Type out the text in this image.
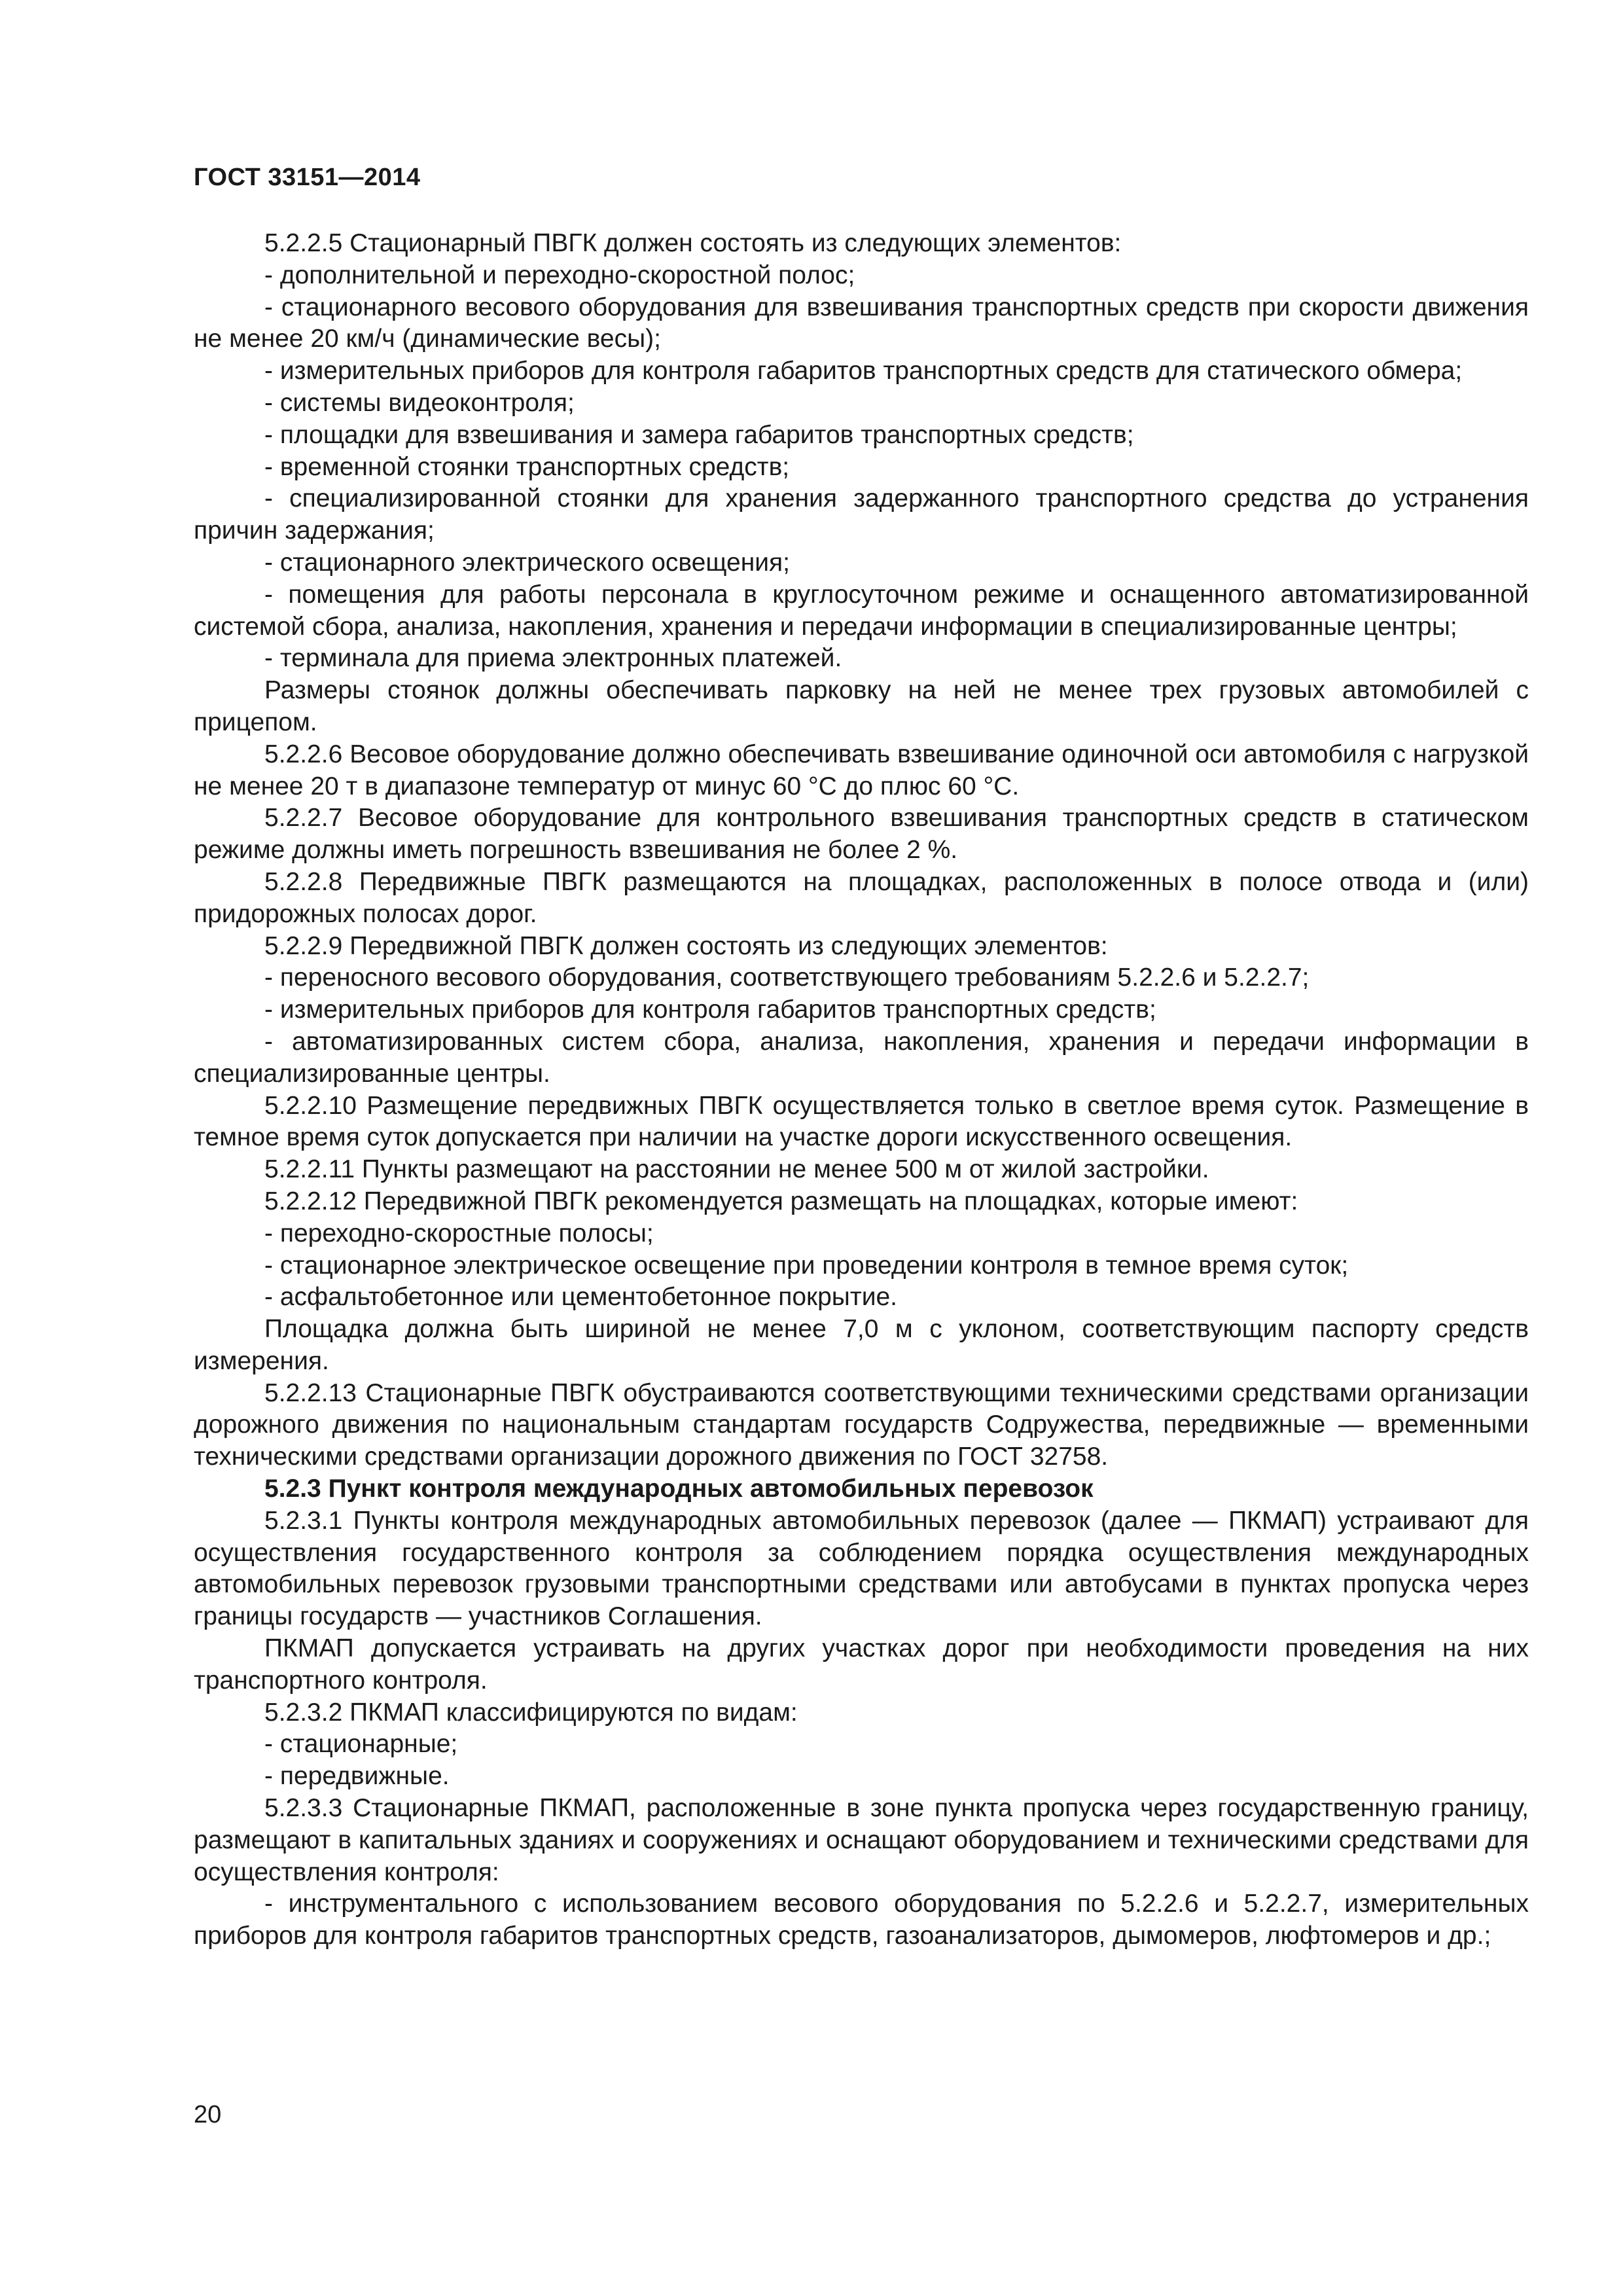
ГОСТ 33151—2014

5.2.2.5 Стационарный ПВГК должен состоять из следующих элементов:

- дополнительной и переходно-скоростной полос;

- стационарного весового оборудования для взвешивания транспортных средств при скорости движения не менее 20 км/ч (динамические весы);

- измерительных приборов для контроля габаритов транспортных средств для статического обмера;

- системы видеоконтроля;

- площадки для взвешивания и замера габаритов транспортных средств;

- временной стоянки транспортных средств;

- специализированной стоянки для хранения задержанного транспортного средства до устранения причин задержания;

- стационарного электрического освещения;

- помещения для работы персонала в круглосуточном режиме и оснащенного автоматизированной системой сбора, анализа, накопления, хранения и передачи информации в специализированные центры;

- терминала для приема электронных платежей.

Размеры стоянок должны обеспечивать парковку на ней не менее трех грузовых автомобилей с прицепом.

5.2.2.6 Весовое оборудование должно обеспечивать взвешивание одиночной оси автомобиля с нагрузкой не менее 20 т в диапазоне температур от минус 60 °С до плюс 60 °С.

5.2.2.7 Весовое оборудование для контрольного взвешивания транспортных средств в статическом режиме должны иметь погрешность взвешивания не более 2 %.

5.2.2.8 Передвижные ПВГК размещаются на площадках, расположенных в полосе отвода и (или) придорожных полосах дорог.

5.2.2.9 Передвижной ПВГК должен состоять из следующих элементов:

- переносного весового оборудования, соответствующего требованиям 5.2.2.6 и 5.2.2.7;

- измерительных приборов для контроля габаритов транспортных средств;

- автоматизированных систем сбора, анализа, накопления, хранения и передачи информации в специализированные центры.

5.2.2.10 Размещение передвижных ПВГК осуществляется только в светлое время суток. Размещение в темное время суток допускается при наличии на участке дороги искусственного освещения.

5.2.2.11 Пункты размещают на расстоянии не менее 500 м от жилой застройки.

5.2.2.12 Передвижной ПВГК рекомендуется размещать на площадках, которые имеют:

- переходно-скоростные полосы;

- стационарное электрическое освещение при проведении контроля в темное время суток;

- асфальтобетонное или цементобетонное покрытие.

Площадка должна быть шириной не менее 7,0 м с уклоном, соответствующим паспорту средств измерения.

5.2.2.13 Стационарные ПВГК обустраиваются соответствующими техническими средствами организации дорожного движения по национальным стандартам государств Содружества, передвижные — временными техническими средствами организации дорожного движения по ГОСТ 32758.

5.2.3 Пункт контроля международных автомобильных перевозок

5.2.3.1 Пункты контроля международных автомобильных перевозок (далее — ПКМАП) устраивают для осуществления государственного контроля за соблюдением порядка осуществления международных автомобильных перевозок грузовыми транспортными средствами или автобусами в пунктах пропуска через границы государств — участников Соглашения.

ПКМАП допускается устраивать на других участках дорог при необходимости проведения на них транспортного контроля.

5.2.3.2 ПКМАП классифицируются по видам:

- стационарные;

- передвижные.

5.2.3.3 Стационарные ПКМАП, расположенные в зоне пункта пропуска через государственную границу, размещают в капитальных зданиях и сооружениях и оснащают оборудованием и техническими средствами для осуществления контроля:

- инструментального с использованием весового оборудования по 5.2.2.6 и 5.2.2.7, измерительных приборов для контроля габаритов транспортных средств, газоанализаторов, дымомеров, люфтомеров и др.;

20
